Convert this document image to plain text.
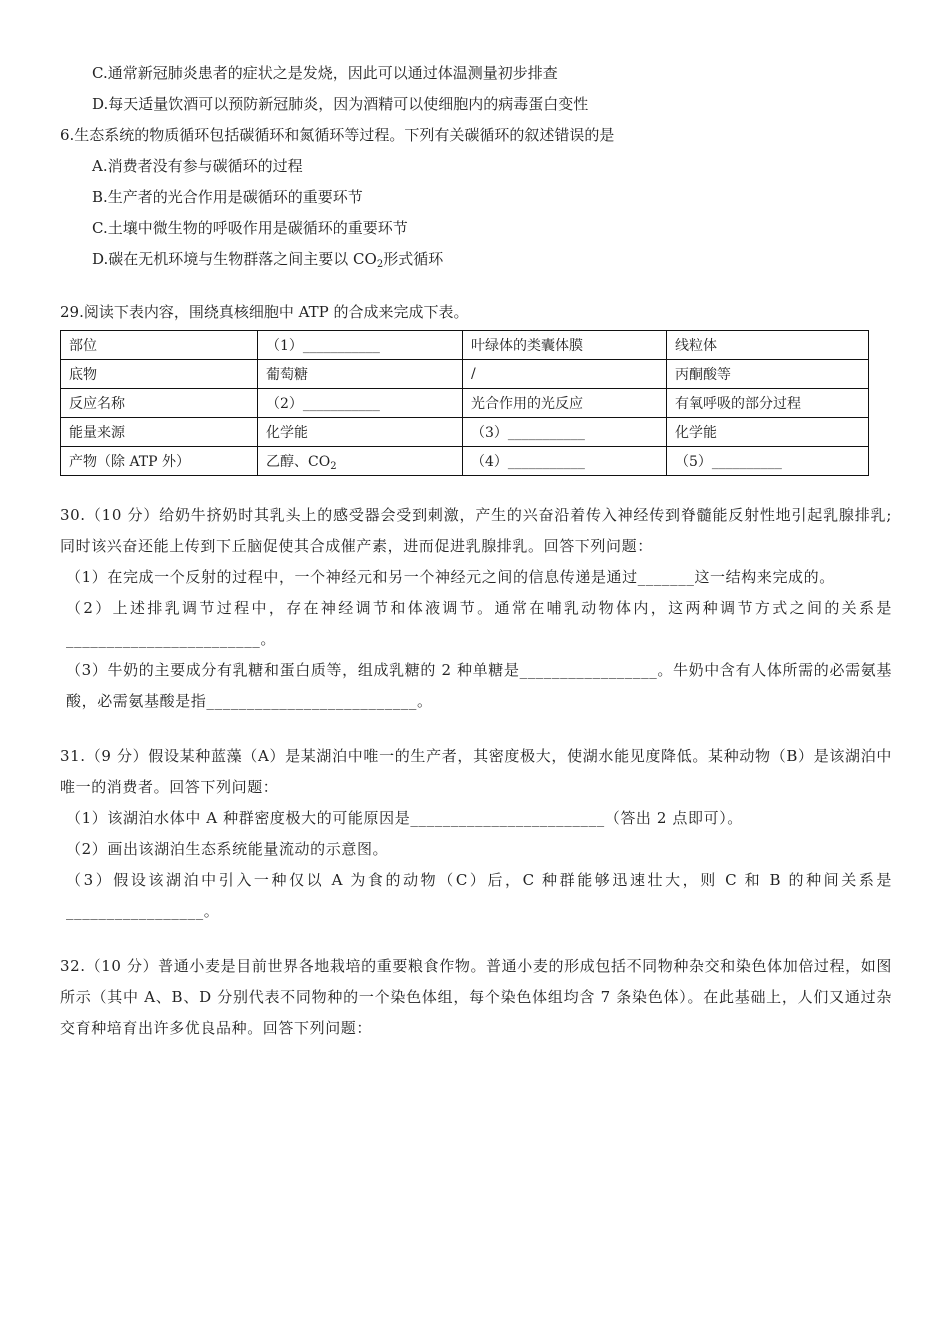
C.通常新冠肺炎患者的症状之是发烧，因此可以通过体温测量初步排查
D.每天适量饮酒可以预防新冠肺炎，因为酒精可以使细胞内的病毒蛋白变性
6.生态系统的物质循环包括碳循环和氮循环等过程。下列有关碳循环的叙述错误的是
A.消费者没有参与碳循环的过程
B.生产者的光合作用是碳循环的重要环节
C.土壤中微生物的呼吸作用是碳循环的重要环节
D.碳在无机环境与生物群落之间主要以 $CO_2$形式循环
29.阅读下表内容，围绕真核细胞中 ATP 的合成来完成下表。
部位	（1）___________	叶绿体的类囊体膜	线粒体
底物	葡萄糖	/	丙酮酸等
反应名称	（2）___________	光合作用的光反应	有氧呼吸的部分过程
能量来源	化学能	（3）___________	化学能
产物（除 ATP 外）	乙醇、$CO_2$	（4）___________	（5）__________
30.（10 分）给奶牛挤奶时其乳头上的感受器会受到刺激，产生的兴奋沿着传入神经传到脊髓能反射性地引起乳腺排乳;同时该兴奋还能上传到下丘脑促使其合成催产素，进而促进乳腺排乳。回答下列问题：
（1）在完成一个反射的过程中，一个神经元和另一个神经元之间的信息传递是通过_______这一结构来完成的。
（2）上述排乳调节过程中，存在神经调节和体液调节。通常在哺乳动物体内，这两种调节方式之间的关系是________________________。
（3）牛奶的主要成分有乳糖和蛋白质等，组成乳糖的 2 种单糖是_________________。牛奶中含有人体所需的必需氨基酸，必需氨基酸是指__________________________。
31.（9 分）假设某种蓝藻（A）是某湖泊中唯一的生产者，其密度极大，使湖水能见度降低。某种动物（B）是该湖泊中唯一的消费者。回答下列问题：
（1）该湖泊水体中 A 种群密度极大的可能原因是________________________（答出 2 点即可）。
（2）画出该湖泊生态系统能量流动的示意图。
（3）假设该湖泊中引入一种仅以 A 为食的动物（C）后，C 种群能够迅速壮大，则 C 和 B 的种间关系是_________________。
32.（10 分）普通小麦是目前世界各地栽培的重要粮食作物。普通小麦的形成包括不同物种杂交和染色体加倍过程，如图所示（其中 A、B、D 分别代表不同物种的一个染色体组，每个染色体组均含 7 条染色体）。在此基础上，人们又通过杂交育种培育出许多优良品种。回答下列问题：
